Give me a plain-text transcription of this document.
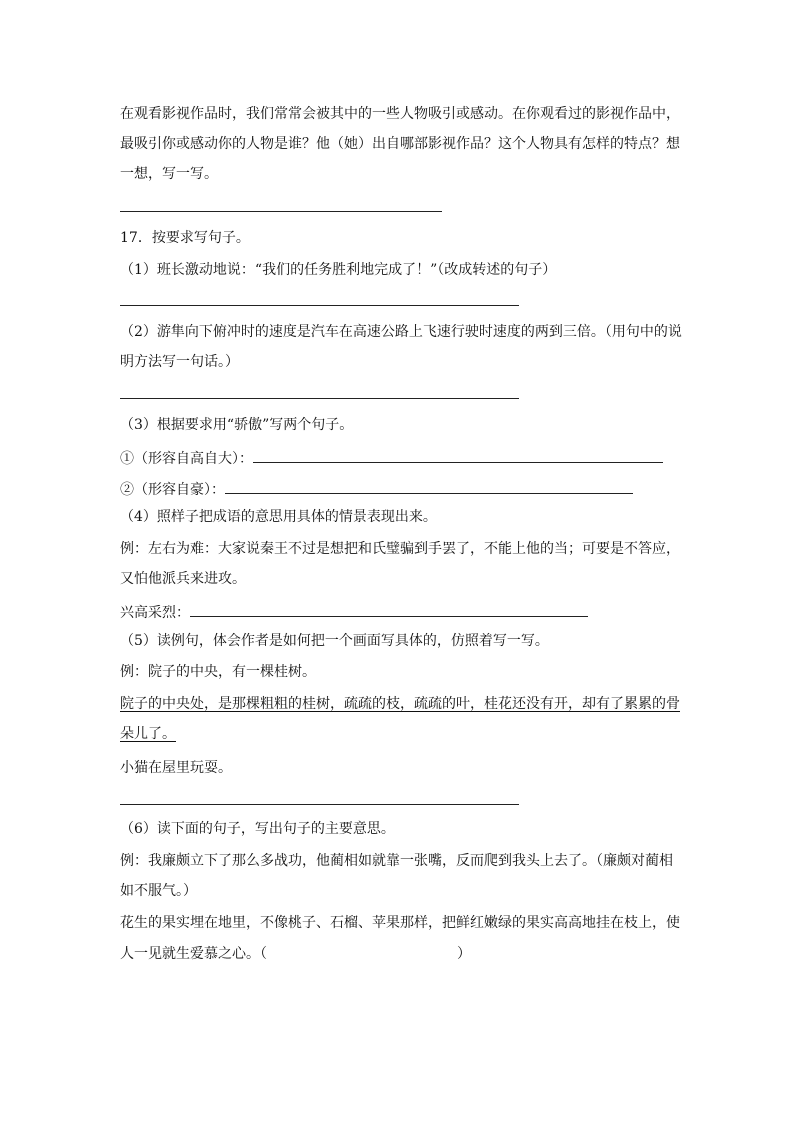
在观看影视作品时，我们常常会被其中的一些人物吸引或感动。在你观看过的影视作品中，

最吸引你或感动你的人物是谁？他（她）出自哪部影视作品？这个人物具有怎样的特点？想

一想，写一写。

17．按要求写句子。

（1）班长激动地说：“我们的任务胜利地完成了！”（改成转述的句子）

（2）游隼向下俯冲时的速度是汽车在高速公路上飞速行驶时速度的两到三倍。（用句中的说

明方法写一句话。）

（3）根据要求用“骄傲”写两个句子。

①（形容自高自大）：

②（形容自豪）：

（4）照样子把成语的意思用具体的情景表现出来。

例：左右为难：大家说秦王不过是想把和氏璧骗到手罢了，不能上他的当；可要是不答应，

又怕他派兵来进攻。

兴高采烈：

（5）读例句，体会作者是如何把一个画面写具体的，仿照着写一写。

例：院子的中央，有一棵桂树。

院子的中央处，是那棵粗粗的桂树，疏疏的枝，疏疏的叶，桂花还没有开，却有了累累的骨

朵儿了。

小猫在屋里玩耍。

（6）读下面的句子，写出句子的主要意思。

例：我廉颇立下了那么多战功，他蔺相如就靠一张嘴，反而爬到我头上去了。（廉颇对蔺相

如不服气。）

花生的果实埋在地里，不像桃子、石榴、苹果那样，把鲜红嫩绿的果实高高地挂在枝上，使

人一见就生爱慕之心。（	）
